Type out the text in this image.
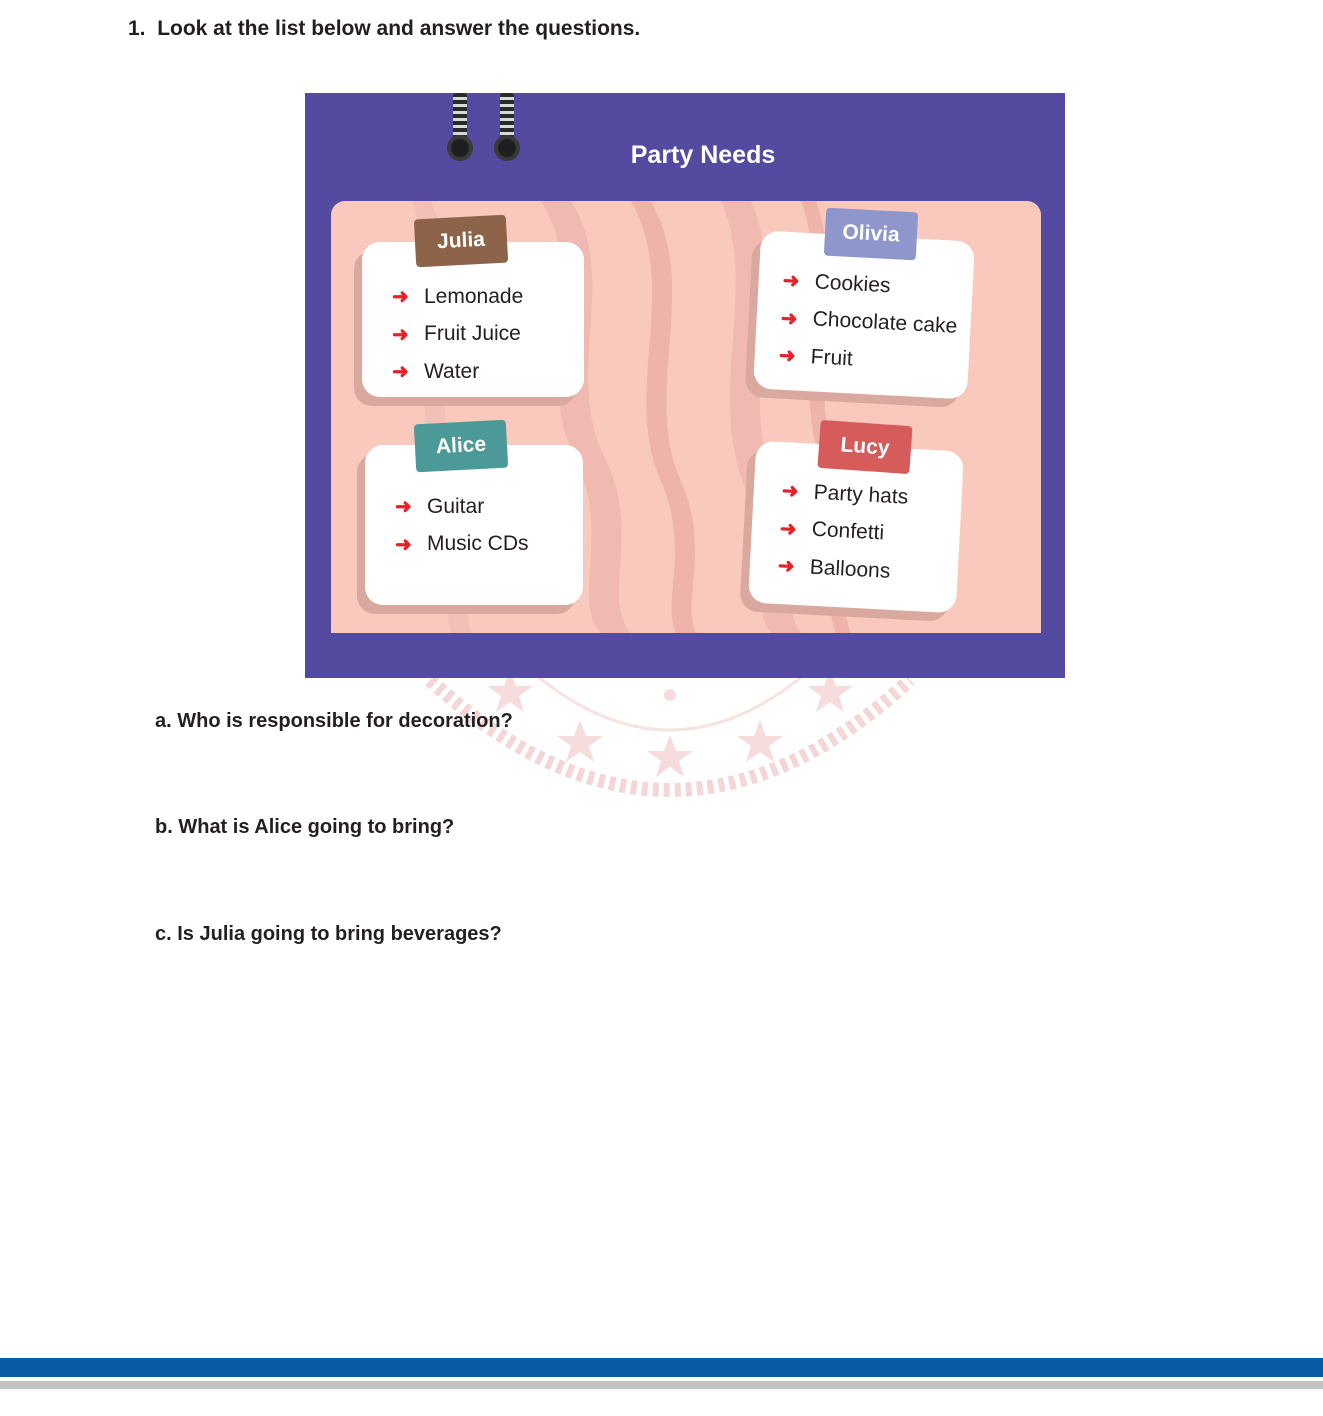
1. Look at the list below and answer the questions.
Party Needs
➜ Lemonade
➜ Fruit Juice
➜ Water
Julia
➜ Cookies
➜ Chocolate cake
➜ Fruit
Olivia
➜ Guitar
➜ Music CDs
Alice
➜ Party hats
➜ Confetti
➜ Balloons
Lucy
a. Who is responsible for decoration?
b. What is Alice going to bring?
c. Is Julia going to bring beverages?
